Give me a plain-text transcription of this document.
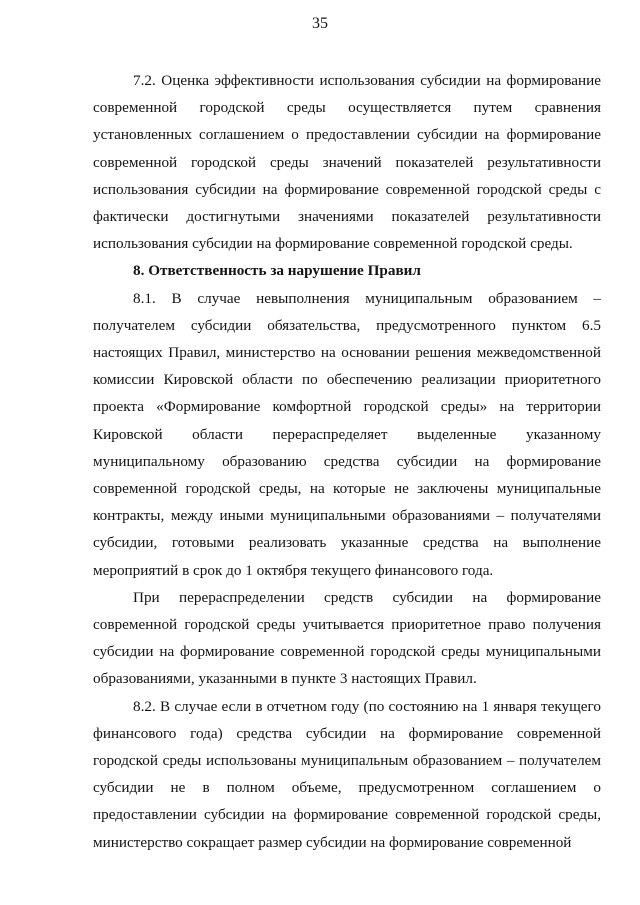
35

7.2. Оценка эффективности использования субсидии на формирование современной городской среды осуществляется путем сравнения установленных соглашением о предоставлении субсидии на формирование современной городской среды значений показателей результативности использования субсидии на формирование современной городской среды с фактически достигнутыми значениями показателей результативности использования субсидии на формирование современной городской среды.

8. Ответственность за нарушение Правил

8.1. В случае невыполнения муниципальным образованием – получателем субсидии обязательства, предусмотренного пунктом 6.5 настоящих Правил, министерство на основании решения межведомственной комиссии Кировской области по обеспечению реализации приоритетного проекта «Формирование комфортной городской среды» на территории Кировской области перераспределяет выделенные указанному муниципальному образованию средства субсидии на формирование современной городской среды, на которые не заключены муниципальные контракты, между иными муниципальными образованиями – получателями субсидии, готовыми реализовать указанные средства на выполнение мероприятий в срок до 1 октября текущего финансового года.

При перераспределении средств субсидии на формирование современной городской среды учитывается приоритетное право получения субсидии на формирование современной городской среды муниципальными образованиями, указанными в пункте 3 настоящих Правил.

8.2. В случае если в отчетном году (по состоянию на 1 января текущего финансового года) средства субсидии на формирование современной городской среды использованы муниципальным образованием – получателем субсидии не в полном объеме, предусмотренном соглашением о предоставлении субсидии на формирование современной городской среды, министерство сокращает размер субсидии на формирование современной
